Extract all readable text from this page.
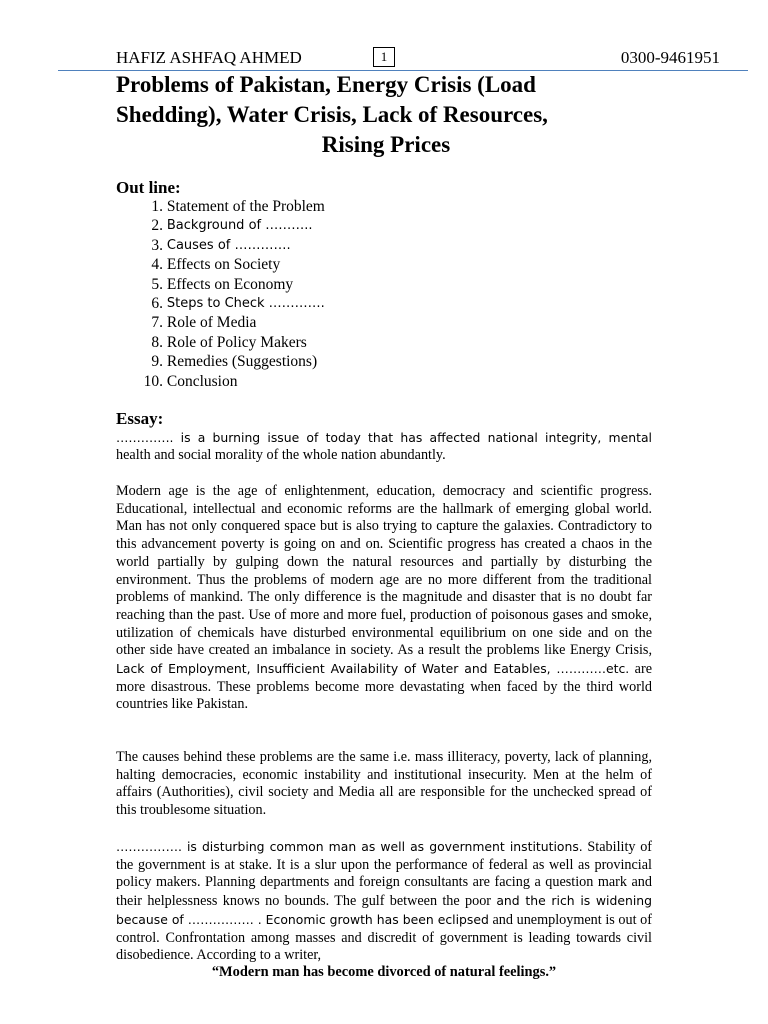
HAFIZ ASHFAQ AHMED	1	0300-9461951
Problems of Pakistan, Energy Crisis (Load
Shedding), Water Crisis, Lack of Resources,
Rising Prices
Out line:
1.
Statement of the Problem
2.
Background of ………..
3.
Causes of ………….
4.
Effects on Society
5.
Effects on Economy
6.
Steps to Check ………….
7.
Role of Media
8.
Role of Policy Makers
9.
Remedies (Suggestions)
10.
Conclusion
Essay:
………….. is a burning issue of today that has affected national integrity, mental
health and social morality of the whole nation abundantly.
Modern age is the age of enlightenment, education, democracy and scientific progress. Educational, intellectual and economic reforms are the hallmark of emerging global world. Man has not only conquered space but is also trying to capture the galaxies. Contradictory to this advancement poverty is going on and on. Scientific progress has created a chaos in the world partially by gulping down the natural resources and partially by disturbing the environment. Thus the problems of modern age are no more different from the traditional problems of mankind. The only difference is the magnitude and disaster that is no doubt far reaching than the past. Use of more and more fuel, production of poisonous gases and smoke, utilization of chemicals have disturbed environmental equilibrium on one side and on the other side have created an imbalance in society. As a result the problems like Energy Crisis, Lack of Employment, Insufficient Availability of Water and Eatables, …………etc. are more disastrous. These problems become more devastating when faced by the third world countries like Pakistan.
The causes behind these problems are the same i.e. mass illiteracy, poverty, lack of planning, halting democracies, economic instability and institutional insecurity. Men at the helm of affairs (Authorities), civil society and Media all are responsible for the unchecked spread of this troublesome situation.
……………. is disturbing common man as well as government institutions. Stability of the government is at stake. It is a slur upon the performance of federal as well as provincial policy makers. Planning departments and foreign consultants are facing a question mark and their helplessness knows no bounds. The gulf between the poor and the rich is widening because of ……………. . Economic growth has been eclipsed and unemployment is out of control. Confrontation among masses and discredit of government is leading towards civil disobedience. According to a writer,
“Modern man has become divorced of natural feelings.”
